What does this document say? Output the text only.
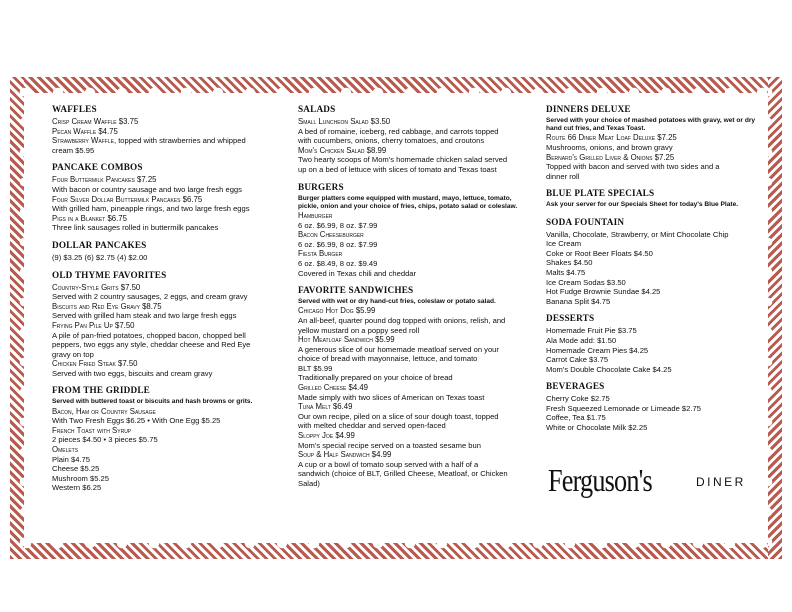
WAFFLES
Crisp Cream Waffle $3.75
Pecan Waffle $4.75
Strawberry Waffle, topped with strawberries and whipped
cream $5.95
PANCAKE COMBOS
Four Buttermilk Pancakes $7.25
With bacon or country sausage and two large fresh eggs
Four Silver Dollar Buttermilk Pancakes $6.75
With grilled ham, pineapple rings, and two large fresh eggs
Pigs in a Blanket $6.75
Three link sausages rolled in buttermilk pancakes
DOLLAR PANCAKES
(9) $3.25 (6) $2.75 (4) $2.00
OLD THYME FAVORITES
Country-Style Grits $7.50
Served with 2 country sausages, 2 eggs, and cream gravy
Biscuits and Red Eye Gravy $8.75
Served with grilled ham steak and two large fresh eggs
Frying Pan Pile Up $7.50
A pile of pan-fried potatoes, chopped bacon, chopped bell
peppers, two eggs any style, cheddar cheese and Red Eye
gravy on top
Chicken Fried Steak $7.50
Served with two eggs, biscuits and cream gravy
FROM THE GRIDDLE
Served with buttered toast or biscuits and hash browns or grits.
Bacon, Ham or Country Sausage
With Two Fresh Eggs $6.25 • With One Egg $5.25
French Toast with Syrup
2 pieces $4.50 • 3 pieces $5.75
Omelets
Plain $4.75
Cheese $5.25
Mushroom $5.25
Western $6.25
SALADS
Small Luncheon Salad $3.50
A bed of romaine, iceberg, red cabbage, and carrots topped
with cucumbers, onions, cherry tomatoes, and croutons
Mom's Chicken Salad $8.99
Two hearty scoops of Mom's homemade chicken salad served
up on a bed of lettuce with slices of tomato and Texas toast
BURGERS
Burger platters come equipped with mustard, mayo, lettuce, tomato,
pickle, onion and your choice of fries, chips, potato salad or coleslaw.
Hamburger
6 oz. $6.99, 8 oz. $7.99
Bacon Cheeseburger
6 oz. $6.99, 8 oz. $7.99
Fiesta Burger
6 oz. $8.49, 8 oz. $9.49
Covered in Texas chili and cheddar
FAVORITE SANDWICHES
Served with wet or dry hand-cut fries, coleslaw or potato salad.
Chicago Hot Dog $5.99
An all-beef, quarter pound dog topped with onions, relish, and
yellow mustard on a poppy seed roll
Hot Meatloaf Sandwich $5.99
A generous slice of our homemade meatloaf served on your
choice of bread with mayonnaise, lettuce, and tomato
BLT $5.99
Traditionally prepared on your choice of bread
Grilled Cheese $4.49
Made simply with two slices of American on Texas toast
Tuna Melt $6.49
Our own recipe, piled on a slice of sour dough toast, topped
with melted cheddar and served open-faced
Sloppy Joe $4.99
Mom's special recipe served on a toasted sesame bun
Soup & Half Sandwich $4.99
A cup or a bowl of tomato soup served with a half of a
sandwich (choice of BLT, Grilled Cheese, Meatloaf, or Chicken
Salad)
DINNERS DELUXE
Served with your choice of mashed potatoes with gravy, wet or dry
hand cut fries, and Texas Toast.
Route 66 Diner Meat Loaf Deluxe $7.25
Mushrooms, onions, and brown gravy
Bernard's Grilled Liver & Onions $7.25
Topped with bacon and served with two sides and a
dinner roll
BLUE PLATE SPECIALS
Ask your server for our Specials Sheet for today's Blue Plate.
SODA FOUNTAIN
Vanilla, Chocolate, Strawberry, or Mint Chocolate Chip
Ice Cream
Coke or Root Beer Floats $4.50
Shakes $4.50
Malts $4.75
Ice Cream Sodas $3.50
Hot Fudge Brownie Sundae $4.25
Banana Split $4.75
DESSERTS
Homemade Fruit Pie $3.75
Ala Mode add: $1.50
Homemade Cream Pies $4.25
Carrot Cake $3.75
Mom's Double Chocolate Cake $4.25
BEVERAGES
Cherry Coke $2.75
Fresh Squeezed Lemonade or Limeade $2.75
Coffee, Tea $1.75
White or Chocolate Milk $2.25
Ferguson's	DINER
